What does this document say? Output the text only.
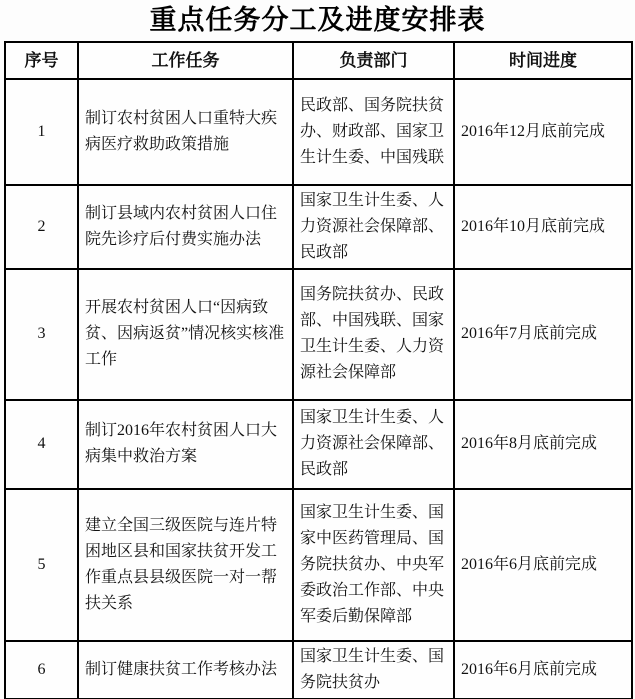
重点任务分工及进度安排表
序号	工作任务	负责部门	时间进度
1	制订农村贫困人口重特大疾病医疗救助政策措施	民政部、国务院扶贫办、财政部、国家卫生计生委、中国残联	2016年12月底前完成
2	制订县域内农村贫困人口住院先诊疗后付费实施办法	国家卫生计生委、人力资源社会保障部、民政部	2016年10月底前完成
3	开展农村贫困人口“因病致贫、因病返贫”情况核实核准工作	国务院扶贫办、民政部、中国残联、国家卫生计生委、人力资源社会保障部	2016年7月底前完成
4	制订2016年农村贫困人口大病集中救治方案	国家卫生计生委、人力资源社会保障部、民政部	2016年8月底前完成
5	建立全国三级医院与连片特困地区县和国家扶贫开发工作重点县县级医院一对一帮扶关系	国家卫生计生委、国家中医药管理局、国务院扶贫办、中央军委政治工作部、中央军委后勤保障部	2016年6月底前完成
6	制订健康扶贫工作考核办法	国家卫生计生委、国务院扶贫办	2016年6月底前完成
